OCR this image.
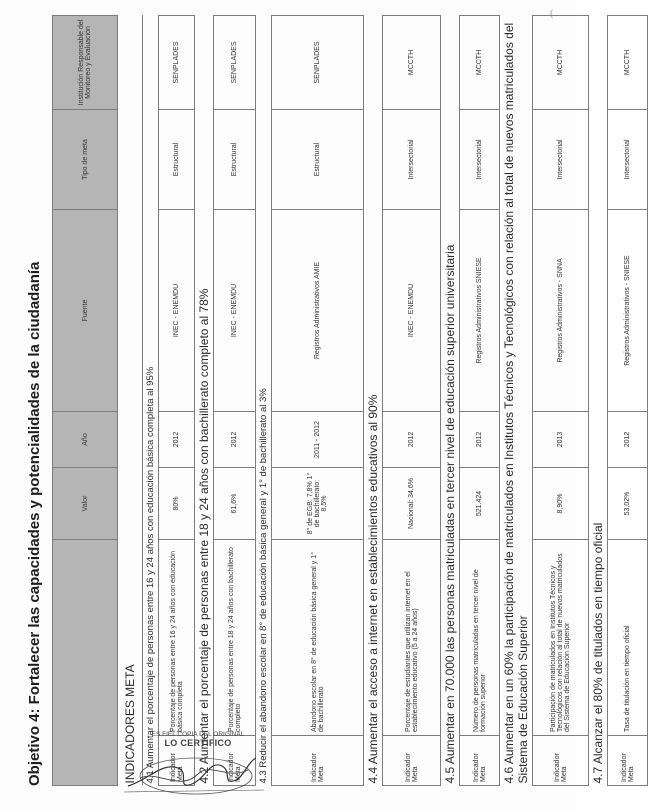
(
Objetivo 4: Fortalecer las capacidades y potencialidades de la ciudadanía
		Valor	Año	Fuente	Tipo de meta	Institución Responsable del Monitoreo y Evaluación
INDICADORES META						
4.1 Aumentar el porcentaje de personas entre 16 y 24 años con educación básica completa al 95%						
Indicador Meta	Porcentaje de personas entre 16 y 24 años con educación básica completa	80%	2012	INEC - ENEMDU	Estructural	SENPLADES
4.2 Aumentar el porcentaje de personas entre 18 y 24 años con bachillerato completo al 78%						
Indicador Meta	Porcentaje de personas entre 18 y 24 años con bachillerato completo	61,6%	2012	INEC - ENEMDU	Estructural	SENPLADES
4.3 Reducir el abandono escolar en 8° de educación básica general y 1° de bachillerato al 3%						
Indicador Meta	Abandono escolar en 8° de educación básica general y 1° de bachillerato	8° de EGB: 7,8% 1° de bachillerato: 8,5%	2011 - 2012	Registros Administrativos AMIE	Estructural	SENPLADES
4.4 Aumentar el acceso a internet en establecimientos educativos al 90%						
Indicador Meta	Porcentaje de estudiantes que utilizan internet en el establecimiento educativo (5 a 24 años)	Nacional: 34,6%	2012	INEC - ENEMDU	Intersectorial	MCCTH
4.5 Aumentar en 70.000 las personas matriculadas en tercer nivel de educación superior universitaria						
Indicador Meta	Número de personas matriculadas en tercer nivel de formación superior	521.424	2012	Registros Administrativos SNIESE	Intersectorial	MCCTH
4.6 Aumentar en un 60% la participación de matriculados en Institutos Técnicos y Tecnológicos con relación al total de nuevos matriculados del Sistema de Educación Superior						
Indicador Meta	Participación de matriculados en Institutos Técnicos y Tecnológicos con relación al total de nuevos matriculados del Sistema de Educación Superior	8,90%	2013	Registros Administrativos - SNNA	Intersectorial	MCCTH
4.7 Alcanzar el 80% de titulados en tiempo oficial						
Indicador Meta	Tasa de titulación en tiempo oficial	53,02%	2012	Registros Administrativos - SNIESE	Intersectorial	MCCTH
ES FIEL COPIA DEL ORIGINAL
LO CERTIFICO
